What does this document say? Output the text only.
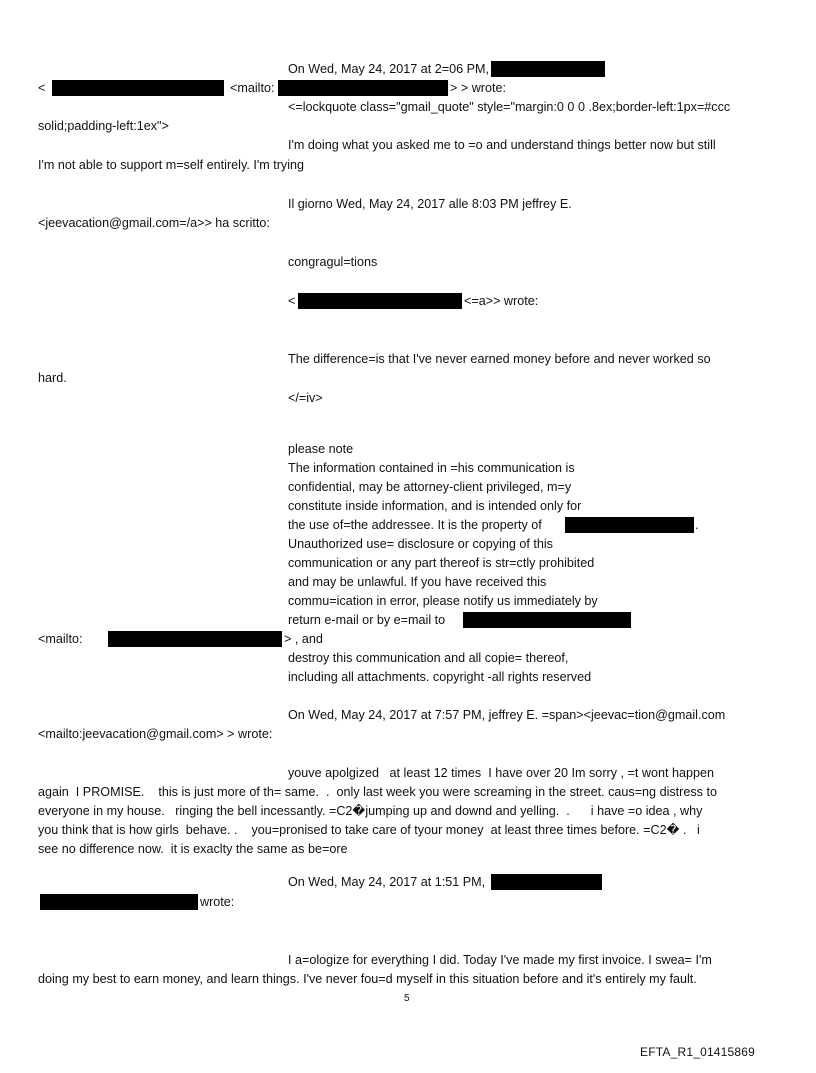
On Wed, May 24, 2017 at 2=06 PM,
<	<mailto:	> > wrote:
<=lockquote class="gmail_quote" style="margin:0 0 0 .8ex;border-left:1px=#ccc
solid;padding-left:1ex">
I'm doing what you asked me to =o and understand things better now but still
I'm not able to support m=self entirely. I'm trying
Il giorno Wed, May 24, 2017 alle 8:03 PM jeffrey E.
<jeevacation@gmail.com=/a>> ha scritto:
congragul=tions
<	<=a>> wrote:
The difference=is that I've never earned money before and never worked so
hard.
</=iv>
please note
The information contained in =his communication is
confidential, may be attorney-client privileged, m=y
constitute inside information, and is intended only for
the use of=the addressee. It is the property of	.
Unauthorized use= disclosure or copying of this
communication or any part thereof is str=ctly prohibited
and may be unlawful. If you have received this
commu=ication in error, please notify us immediately by
return e-mail or by e=mail to
<mailto:	> , and
destroy this communication and all copie= thereof,
including all attachments. copyright -all rights reserved
On Wed, May 24, 2017 at 7:57 PM, jeffrey E. =span><jeevac=tion@gmail.com
<mailto:jeevacation@gmail.com> > wrote:
youve apolgized   at least 12 times  I have over 20 Im sorry , =t wont happen
again  I PROMISE.    this is just more of th= same.  .  only last week you were screaming in the street. caus=ng distress to
everyone in my house.   ringing the bell incessantly. =C2�jumping up and downd and yelling.  .      i have =o idea , why
you think that is how girls  behave. .    you=pronised to take care of tyour money  at least three times before. =C2� .   i
see no difference now.  it is exaclty the same as be=ore
On Wed, May 24, 2017 at 1:51 PM,
wrote:
I a=ologize for everything I did. Today I've made my first invoice. I swea= I'm
doing my best to earn money, and learn things. I've never fou=d myself in this situation before and it's entirely my fault.
5
EFTA_R1_01415869
